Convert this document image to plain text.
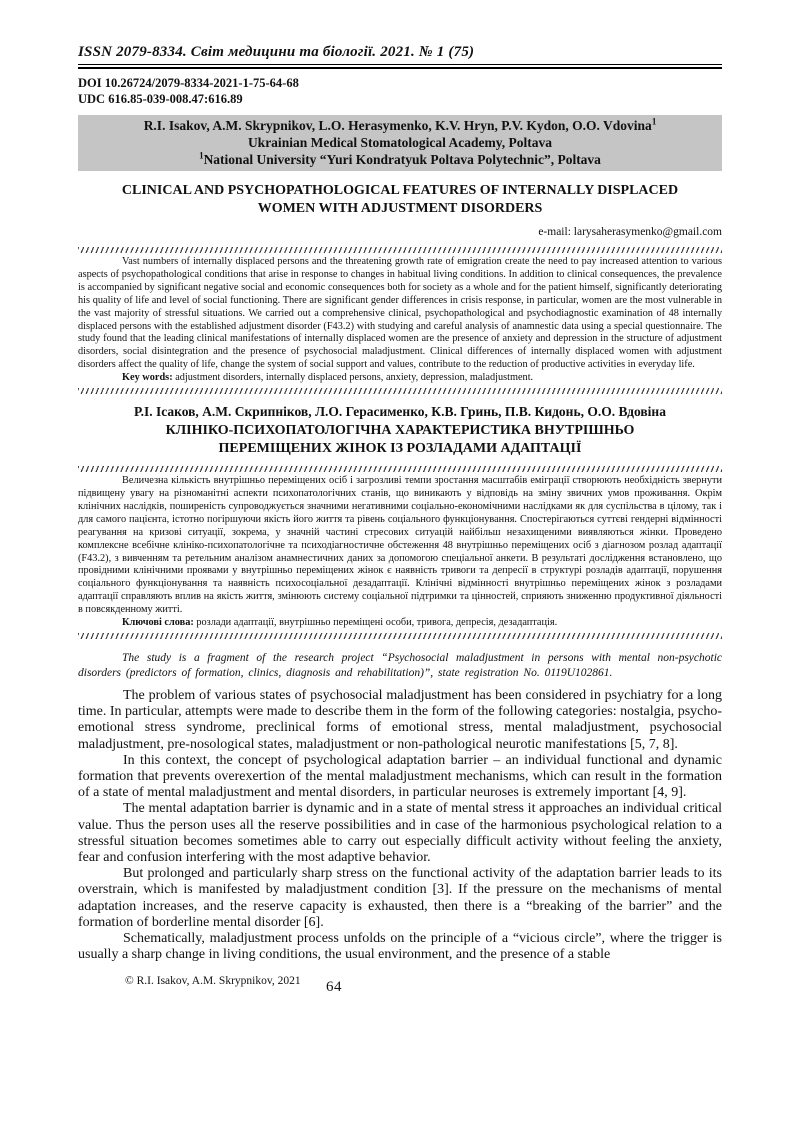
ISSN 2079-8334. Світ медицини та біології. 2021. № 1 (75)
DOI 10.26724/2079-8334-2021-1-75-64-68
UDC 616.85-039-008.47:616.89
R.I. Isakov, A.M. Skrypnikov, L.O. Herasymenko, K.V. Hryn, P.V. Kydon, O.O. Vdovina$^1$
Ukrainian Medical Stomatological Academy, Poltava
$^1$National University “Yuri Kondratyuk Poltava Polytechnic”, Poltava
CLINICAL AND PSYCHOPATHOLOGICAL FEATURES OF INTERNALLY DISPLACED WOMEN WITH ADJUSTMENT DISORDERS
e-mail: larysaherasymenko@gmail.com

Vast numbers of internally displaced persons and the threatening growth rate of emigration create the need to pay increased attention to various aspects of psychopathological conditions that arise in response to changes in habitual living conditions. In addition to clinical consequences, the prevalence is accompanied by significant negative social and economic consequences both for society as a whole and for the patient himself, significantly deteriorating his quality of life and level of social functioning. There are significant gender differences in crisis response, in particular, women are the most vulnerable in the vast majority of stressful situations. We carried out a comprehensive clinical, psychopathological and psychodiagnostic examination of 48 internally displaced persons with the established adjustment disorder (F43.2) with studying and careful analysis of anamnestic data using a special questionnaire. The study found that the leading clinical manifestations of internally displaced women are the presence of anxiety and depression in the structure of adjustment disorders, social disintegration and the presence of psychosocial maladjustment. Clinical differences of internally displaced women with adjustment disorders affect the quality of life, change the system of social support and values, contribute to the reduction of productive activities in everyday life.

Key words: adjustment disorders, internally displaced persons, anxiety, depression, maladjustment.

Р.І. Ісаков, А.М. Скрипніков, Л.О. Герасименко, К.В. Гринь, П.В. Кидонь, О.О. Вдовіна
КЛІНІКО-ПСИХОПАТОЛОГІЧНА ХАРАКТЕРИСТИКА ВНУТРІШНЬО ПЕРЕМІЩЕНИХ ЖІНОК ІЗ РОЗЛАДАМИ АДАПТАЦІЇ

Величезна кількість внутрішньо переміщених осіб і загрозливі темпи зростання масштабів еміграції створюють необхідність звернути підвищену увагу на різноманітні аспекти психопатологічних станів, що виникають у відповідь на зміну звичних умов проживання. Окрім клінічних наслідків, поширеність супроводжується значними негативними соціально-економічними наслідками як для суспільства в цілому, так і для самого пацієнта, істотно погіршуючи якість його життя та рівень соціального функціонування. Спостерігаються суттєві гендерні відмінності реагування на кризові ситуації, зокрема, у значній частині стресових ситуацій найбільш незахищеними виявляються жінки. Проведено комплексне всебічне клініко-психопатологічне та психодіагностичне обстеження 48 внутрішньо переміщених осіб з діагнозом розлад адаптації (F43.2), з вивченням та ретельним аналізом анамнестичних даних за допомогою спеціальної анкети. В результаті дослідження встановлено, що провідними клінічними проявами у внутрішньо переміщених жінок є наявність тривоги та депресії в структурі розладів адаптації, порушення соціального функціонування та наявність психосоціальної дезадаптації. Клінічні відмінності внутрішньо переміщених жінок з розладами адаптації справляють вплив на якість життя, змінюють систему соціальної підтримки та цінностей, сприяють зниженню продуктивної діяльності в повсякденному житті.

Ключові слова: розлади адаптації, внутрішньо переміщені особи, тривога, депресія, дезадаптація.

The study is a fragment of the research project “Psychosocial maladjustment in persons with mental non-psychotic disorders (predictors of formation, clinics, diagnosis and rehabilitation)”, state registration No. 0119U102861.

The problem of various states of psychosocial maladjustment has been considered in psychiatry for a long time. In particular, attempts were made to describe them in the form of the following categories: nostalgia, psycho-emotional stress syndrome, preclinical forms of emotional stress, mental maladjustment, psychosocial maladjustment, pre-nosological states, maladjustment or non-pathological neurotic manifestations [5, 7, 8].

In this context, the concept of psychological adaptation barrier – an individual functional and dynamic formation that prevents overexertion of the mental maladjustment mechanisms, which can result in the formation of a state of mental maladjustment and mental disorders, in particular neuroses is extremely important [4, 9].

The mental adaptation barrier is dynamic and in a state of mental stress it approaches an individual critical value. Thus the person uses all the reserve possibilities and in case of the harmonious psychological relation to a stressful situation becomes sometimes able to carry out especially difficult activity without feeling the anxiety, fear and confusion interfering with the most adaptive behavior.

But prolonged and particularly sharp stress on the functional activity of the adaptation barrier leads to its overstrain, which is manifested by maladjustment condition [3]. If the pressure on the mechanisms of mental adaptation increases, and the reserve capacity is exhausted, then there is a “breaking of the barrier” and the formation of borderline mental disorder [6].

Schematically, maladjustment process unfolds on the principle of a “vicious circle”, where the trigger is usually a sharp change in living conditions, the usual environment, and the presence of a stable

© R.I. Isakov, A.M. Skrypnikov, 2021 64
